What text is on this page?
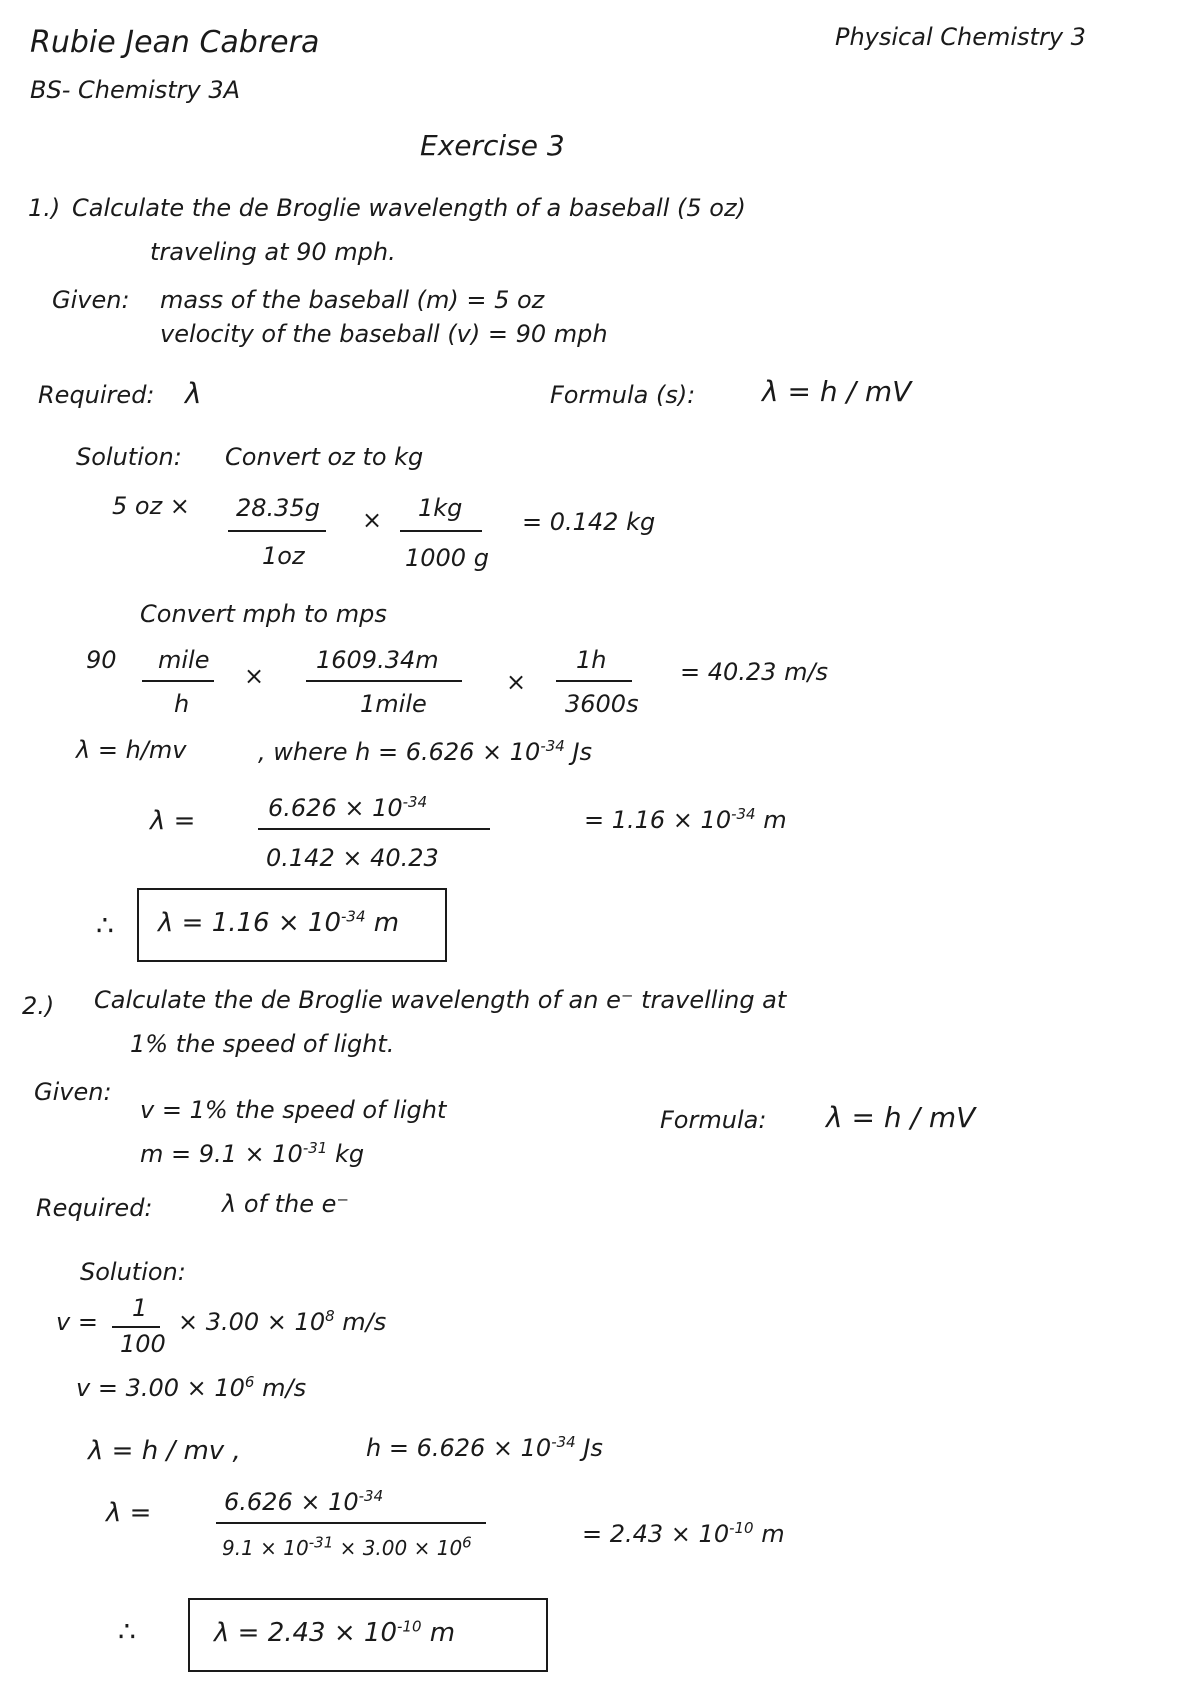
Rubie Jean Cabrera
BS- Chemistry 3A
Physical Chemistry 3
Exercise 3
1.) Calculate the de Broglie wavelength of a baseball (5 oz)
traveling at 90 mph.
Given: mass of the baseball (m) = 5 oz
velocity of the baseball (v) = 90 mph
Required: λ	Formula (s): λ = h / mV
Solution: Convert oz to kg
5 oz × 28.35g
1oz
× 1kg
1000 g
= 0.142 kg
Convert mph to mps
90 mile
h
×
1609.34m
1mile
×
1h
3600s
= 40.23 m/s
λ = h/mv	, where $h = 6.626 \times 10^{-34}$ Js
λ =	$6.626 \times 10^{-34}$
0.142 × 40.23
= $1.16 \times 10^{-34}$ m
∴ $\lambda = 1.16 \times 10^{-34}$ m
2.) Calculate the de Broglie wavelength of an e⁻ travelling at
1% the speed of light.
Given:
v = 1% the speed of light
$m = 9.1 \times 10^{-31}$ kg
Formula: λ = h / mV
Required:	λ of the e⁻
Solution:
v = 1
100
× $3.00 \times 10^8$ m/s
$v = 3.00 \times 10^6$ m/s
λ = h / mv ,	$h = 6.626 \times 10^{-34}$ Js
λ =	$6.626 \times 10^{-34}$
$9.1 \times 10^{-31} \times 3.00 \times 10^6$	= $2.43 \times 10^{-10}$ m
∴	$\lambda = 2.43 \times 10^{-10}$ m
